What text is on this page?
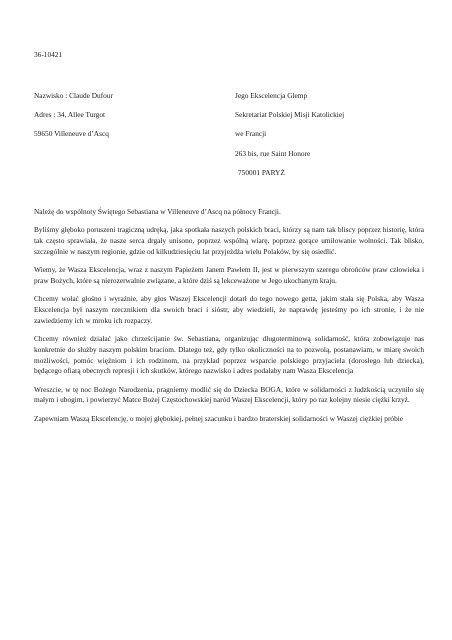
36-10421
Nazwisko : Claude Dufour
Adres : 34, Allee Turgot
59650 Villeneuve d’Ascq
Jego Ekscelencja Glemp
Sekretariat Polskiej Misji Katolickiej
we Francji
263 bis, rue Saint Honore
750001 PARYŻ

Należę do wspólnoty Świętego Sebastiana w Villeneuve d’Ascq na północy Francji.

Byliśmy głęboko poruszeni tragiczną udręką, jaka spotkała naszych polskich braci, którzy są nam tak bliscy poprzez historię, która tak często sprawiała, że nasze serca drgały unisono, poprzez wspólną wiarę, poprzez gorące umiłowanie wolności. Tak blisko, szczególnie w naszym regionie, gdzie od kilkudziesięciu lat przyjeżdża wielu Polaków, by się osiedlić.

Wiemy, że Wasza Ekscelencja, wraz z naszym Papieżem Janem Pawłem II, jest w pierwszym szeregu obrońców praw człowieka i praw Bożych, które są nierozerwalnie związane, a które dziś są lekceważone w Jego ukochanym kraju.

Chcemy wołać głośno i wyraźnie, aby głos Waszej Ekscelencji dotarł do tego nowego getta, jakim stała się Polska, aby Wasza Ekscelencja był naszym rzecznikiem dla swoich braci i sióstr, aby wiedzieli, że naprawdę jesteśmy po ich stronie, i że nie zawiedziemy ich w mroku ich rozpaczy.

Chcemy również działać jako chrześcijanie św. Sebastiana, organizując długoterminową solidarność, która zobowiązuje nas konkretnie do służby naszym polskim braciom. Dlatego też, gdy tylko okoliczności na to pozwolą, postanawiam, w miarę swoich możliwości, pomóc więźniom i ich rodzinom, na przykład poprzez wsparcie polskiego przyjaciela (dorosłego lub dziecka), będącego ofiarą obecnych represji i ich skutków, którego nazwisko i adres podałaby nam Wasza Ekscelencja

Wreszcie, w tę noc Bożego Narodzenia, pragniemy modlić się do Dziecka BOGA, które w solidarności z ludzkością uczyniło się małym i ubogim, i powierzyć Matce Bożej Częstochowskiej naród Waszej Ekscelencji, który po raz kolejny niesie ciężki krzyż.

Zapewniam Waszą Ekscelencję, o mojej głębokiej, pełnej szacunku i bardzo braterskiej solidarności w Waszej ciężkiej próbie
